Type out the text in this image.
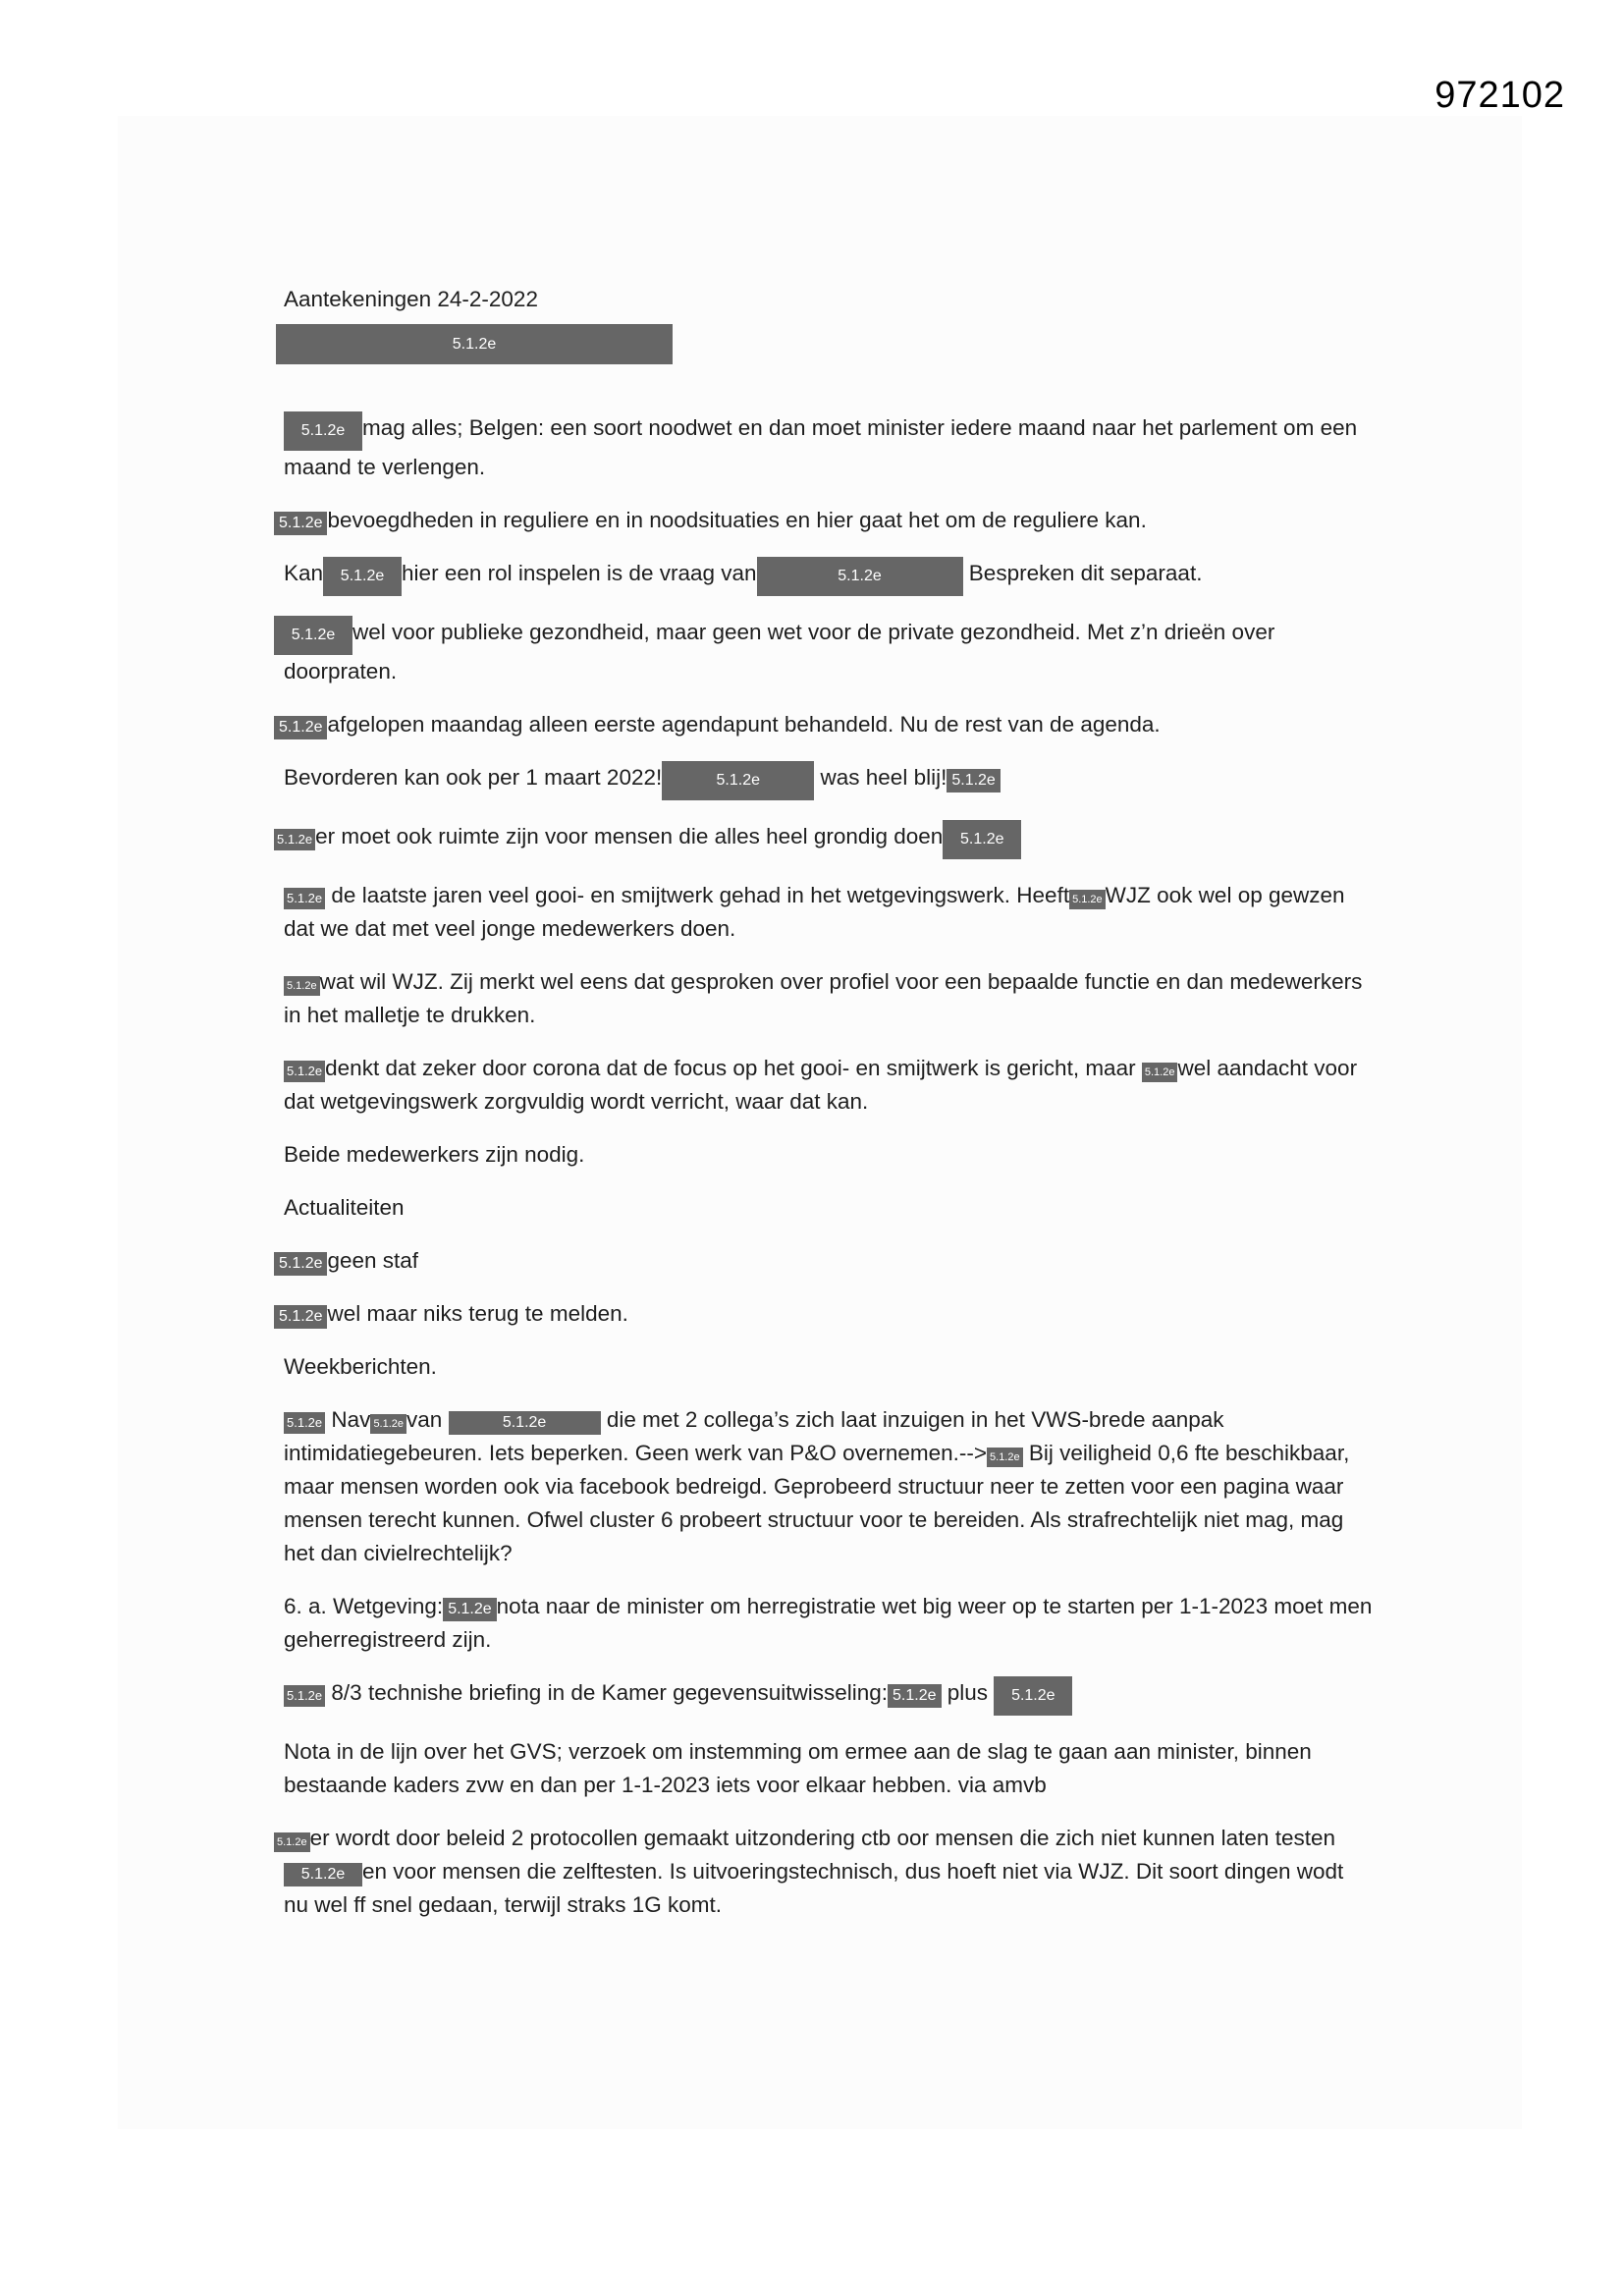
972102

Aantekeningen 24-2-2022

5.1.2e

5.1.2e mag alles; Belgen: een soort noodwet en dan moet minister iedere maand naar het parlement om een maand te verlengen.

5.1.2e bevoegdheden in reguliere en in noodsituaties en hier gaat het om de reguliere kan.

Kan 5.1.2e hier een rol inspelen is de vraag van	5.1.2e	Bespreken dit separaat.

5.1.2e wel voor publieke gezondheid, maar geen wet voor de private gezondheid. Met z’n drieën over doorpraten.

5.1.2e afgelopen maandag alleen eerste agendapunt behandeld. Nu de rest van de agenda.

Bevorderen kan ook per 1 maart 2022!	5.1.2e	was heel blij! 5.1.2e

5.1.2e er moet ook ruimte zijn voor mensen die alles heel grondig doen 5.1.2e

5.1.2e de laatste jaren veel gooi- en smijtwerk gehad in het wetgevingswerk. Heeft 5.1.2e WJZ ook wel op gewzen dat we dat met veel jonge medewerkers doen.

5.1.2e wat wil WJZ. Zij merkt wel eens dat gesproken over profiel voor een bepaalde functie en dan medewerkers in het malletje te drukken.

5.1.2e denkt dat zeker door corona dat de focus op het gooi- en smijtwerk is gericht, maar 5.1.2e wel aandacht voor dat wetgevingswerk zorgvuldig wordt verricht, waar dat kan.

Beide medewerkers zijn nodig.

Actualiteiten

5.1.2e geen staf

5.1.2e wel maar niks terug te melden.

Weekberichten.

5.1.2e Nav 5.1.2e van	5.1.2e	die met 2 collega’s zich laat inzuigen in het VWS-brede aanpak intimidatiegebeuren. Iets beperken. Geen werk van P&O overnemen.--> 5.1.2e Bij veiligheid 0,6 fte beschikbaar, maar mensen worden ook via facebook bedreigd. Geprobeerd structuur neer te zetten voor een pagina waar mensen terecht kunnen. Ofwel cluster 6 probeert structuur voor te bereiden. Als strafrechtelijk niet mag, mag het dan civielrechtelijk?

6. a. Wetgeving: 5.1.2e nota naar de minister om herregistratie wet big weer op te starten per 1-1-2023 moet men geherregistreerd zijn.

5.1.2e 8/3 technishe briefing in de Kamer gegevensuitwisseling: 5.1.2e plus 5.1.2e

Nota in de lijn over het GVS; verzoek om instemming om ermee aan de slag te gaan aan minister, binnen bestaande kaders zvw en dan per 1-1-2023 iets voor elkaar hebben. via amvb

5.1.2e er wordt door beleid 2 protocollen gemaakt uitzondering ctb oor mensen die zich niet kunnen laten testen 5.1.2e en voor mensen die zelftesten. Is uitvoeringstechnisch, dus hoeft niet via WJZ. Dit soort dingen wodt nu wel ff snel gedaan, terwijl straks 1G komt.
